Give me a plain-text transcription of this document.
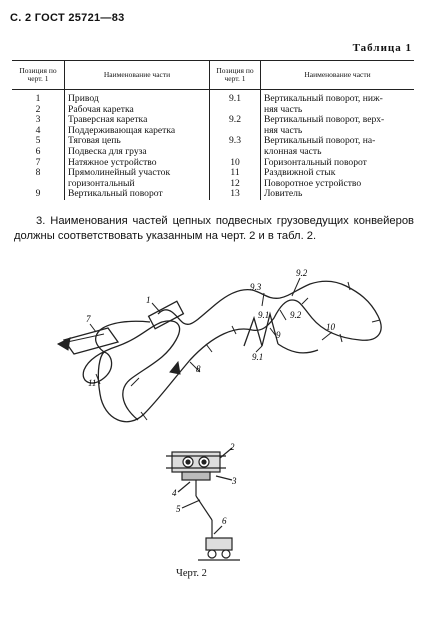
С. 2 ГОСТ 25721—83
Таблица 1
Позиция по черт. 1	Наименование части	Позиция по черт. 1	Наименование части
1	Привод	9.1	Вертикальный поворот, ниж-
2	Рабочая каретка		няя часть
3	Траверсная каретка	9.2	Вертикальный поворот, верх-
4	Поддерживающая каретка		няя часть
5	Тяговая цепь	9.3	Вертикальный поворот, на-
6	Подвеска для груза		клонная часть
7	Натяжное устройство	10	Горизонтальный поворот
8	Прямолинейный участок	11	Раздвижной стык
	горизонтальный	12	Поворотное устройство
9	Вертикальный поворот	13	Ловитель
3. Наименования частей цепных подвесных грузоведущих конвейеров должны соответствовать указанным на черт. 2 и в табл. 2.
1
7
8
9.3
9.2
9.2
9.1
9
10
9.1
11
2
3
4
5
6
Черт. 2
